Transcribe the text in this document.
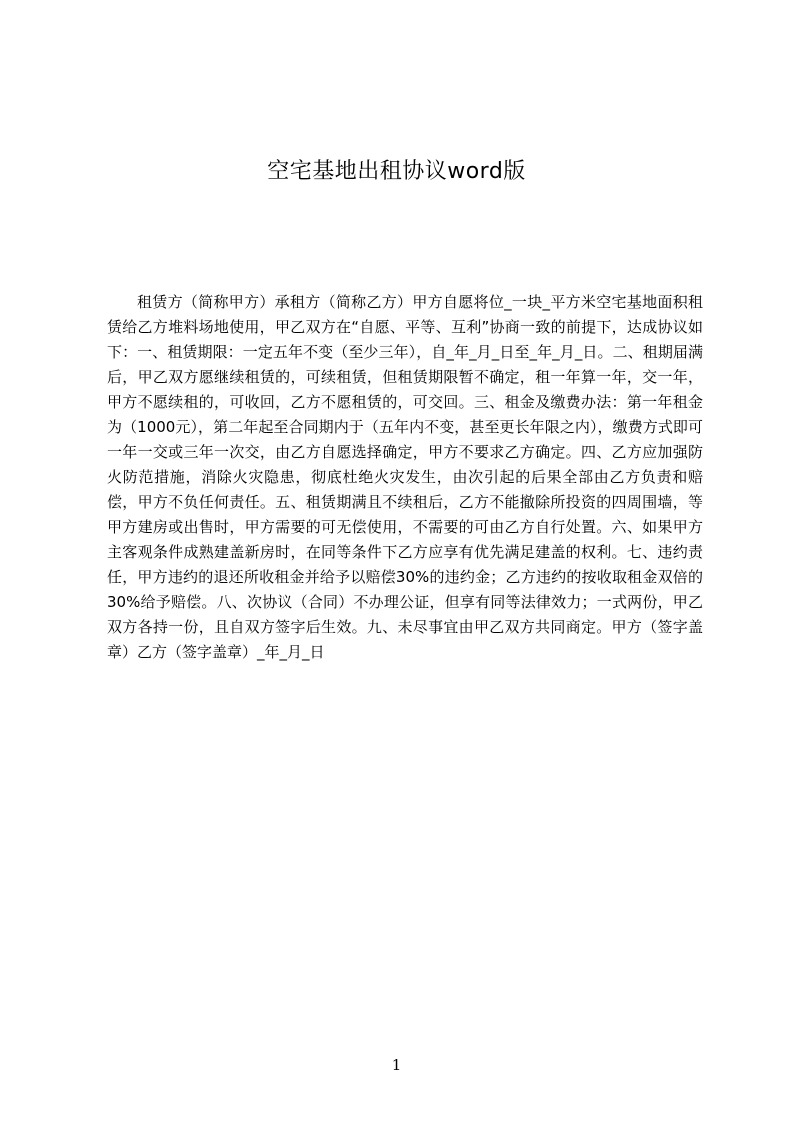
空宅基地出租协议word版

租赁方（简称甲方）承租方（简称乙方）甲方自愿将位_一块_平方米空宅基地面积租赁给乙方堆料场地使用，甲乙双方在“自愿、平等、互利”协商一致的前提下，达成协议如下：一、租赁期限：一定五年不变（至少三年），自_年_月_日至_年_月_日。二、租期届满后，甲乙双方愿继续租赁的，可续租赁，但租赁期限暂不确定，租一年算一年，交一年，甲方不愿续租的，可收回，乙方不愿租赁的，可交回。三、租金及缴费办法：第一年租金为（1000元），第二年起至合同期内于（五年内不变，甚至更长年限之内），缴费方式即可一年一交或三年一次交，由乙方自愿选择确定，甲方不要求乙方确定。四、乙方应加强防火防范措施，消除火灾隐患，彻底杜绝火灾发生，由次引起的后果全部由乙方负责和赔偿，甲方不负任何责任。五、租赁期满且不续租后，乙方不能撤除所投资的四周围墙，等甲方建房或出售时，甲方需要的可无偿使用，不需要的可由乙方自行处置。六、如果甲方主客观条件成熟建盖新房时，在同等条件下乙方应享有优先满足建盖的权利。七、违约责任，甲方违约的退还所收租金并给予以赔偿30%的违约金；乙方违约的按收取租金双倍的30%给予赔偿。八、次协议（合同）不办理公证，但享有同等法律效力；一式两份，甲乙双方各持一份，且自双方签字后生效。九、未尽事宜由甲乙双方共同商定。甲方（签字盖章）乙方（签字盖章）_年_月_日

1
